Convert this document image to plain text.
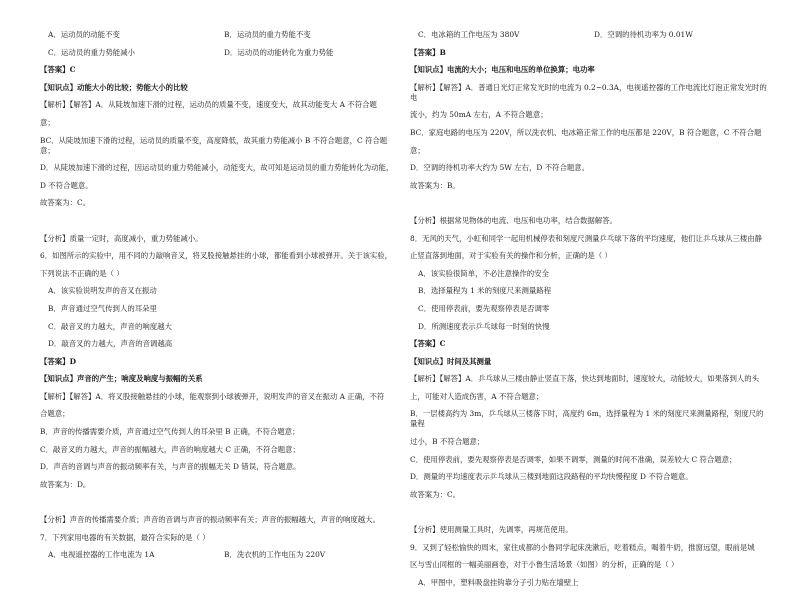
A．运动员的动能不变	B．运动员的重力势能不变
C．运动员的重力势能减小	D．运动员的动能转化为重力势能
【答案】C
【知识点】动能大小的比较；势能大小的比较
【解析】【解答】A．从陡坡加速下滑的过程，运动员的质量不变，速度变大，故其动能变大 A 不符合题
意；
BC．从陡坡加速下滑的过程，运动员的质量不变，高度降低，故其重力势能减小 B 不符合题意，C 符合题意；
D．从陡坡加速下滑的过程，因运动员的重力势能减小，动能变大，故可知是运动员的重力势能转化为动能，
D 不符合题意。
故答案为：C。
【分析】质量一定时，高度减小，重力势能减小。
6．如图所示的实验中，用不同的力敲响音叉，将叉股接触悬挂的小球，都能看到小球被弹开。关于该实验，
下列说法不正确的是（ ）
A．该实验说明发声的音叉在振动
B．声音通过空气传到人的耳朵里
C．敲音叉的力越大，声音的响度越大
D．敲音叉的力越大，声音的音调越高
【答案】D
【知识点】声音的产生；响度及响度与振幅的关系
【解析】【解答】A．将叉股接触悬挂的小球，能观察到小球被弹开，说明发声的音叉在振动 A 正确，不符
合题意；
B．声音的传播需要介质，声音通过空气传到人的耳朵里 B 正确，不符合题意；
C．敲音叉的力越大，声音的振幅越大，声音的响度越大 C 正确，不符合题意；
D．声音的音调与声音的振动频率有关，与声音的振幅无关 D 错误，符合题意。
故答案为：D。
【分析】声音的传播需要介质；声音的音调与声音的振动频率有关；声音的振幅越大，声音的响度越大。
7．下列家用电器的有关数据，最符合实际的是（ ）
A．电视遥控器的工作电流为 1A	B．洗衣机的工作电压为 220V
C．电冰箱的工作电压为 380V	D．空调的待机功率为 0.01W
【答案】B
【知识点】电流的大小；电压和电压的单位换算；电功率
【解析】【解答】A．普通日光灯正常发光时的电流为 0.2~0.3A，电视遥控器的工作电流比灯泡正常发光时的电
流小，约为 50mA 左右，A 不符合题意；
BC．家庭电路的电压为 220V，所以洗衣机、电冰箱正常工作的电压都是 220V，B 符合题意，C 不符合题
意；
D．空调的待机功率大约为 5W 左右，D 不符合题意。
故答案为：B。
【分析】根据常见物体的电流、电压和电功率，结合数据解答。
8．无风的天气，小虹和同学一起用机械停表和刻度尺测量乒乓球下落的平均速度，他们让乒乓球从三楼由静
止竖直落到地面，对于实验有关的操作和分析，正确的是（ ）
A．该实验很简单，不必注意操作的安全
B．选择量程为 1 米的刻度尺来测量路程
C．使用停表前，要先观察停表是否调零
D．所测速度表示乒乓球每一时刻的快慢
【答案】C
【知识点】时间及其测量
【解析】【解答】A．乒乓球从三楼由静止竖直下落，快达到地面时，速度较大，动能较大，如果落到人的头
上，可能对人造成伤害，A 不符合题意；
B．一层楼高约为 3m，乒乓球从三楼落下时，高度约 6m，选择量程为 1 米的刻度尺来测量路程，刻度尺的量程
过小，B 不符合题意；
C．使用停表前，要先观察停表是否调零，如果不调零，测量的时间不准确，误差较大 C 符合题意；
D．测量的平均速度表示乒乓球从三楼到地面这段路程的平均快慢程度 D 不符合题意。
故答案为：C。
【分析】使用测量工具时，先调零，再规范使用。
9．又到了轻松愉快的周末，家住成都的小鲁同学起床洗漱后，吃着糕点，喝着牛奶，推窗远望，眼前是城
区与雪山同框的一幅美丽画卷，对于小鲁生活场景（如图）的分析，正确的是（ ）
A．甲图中，塑料吸盘挂钩靠分子引力贴在墙壁上
